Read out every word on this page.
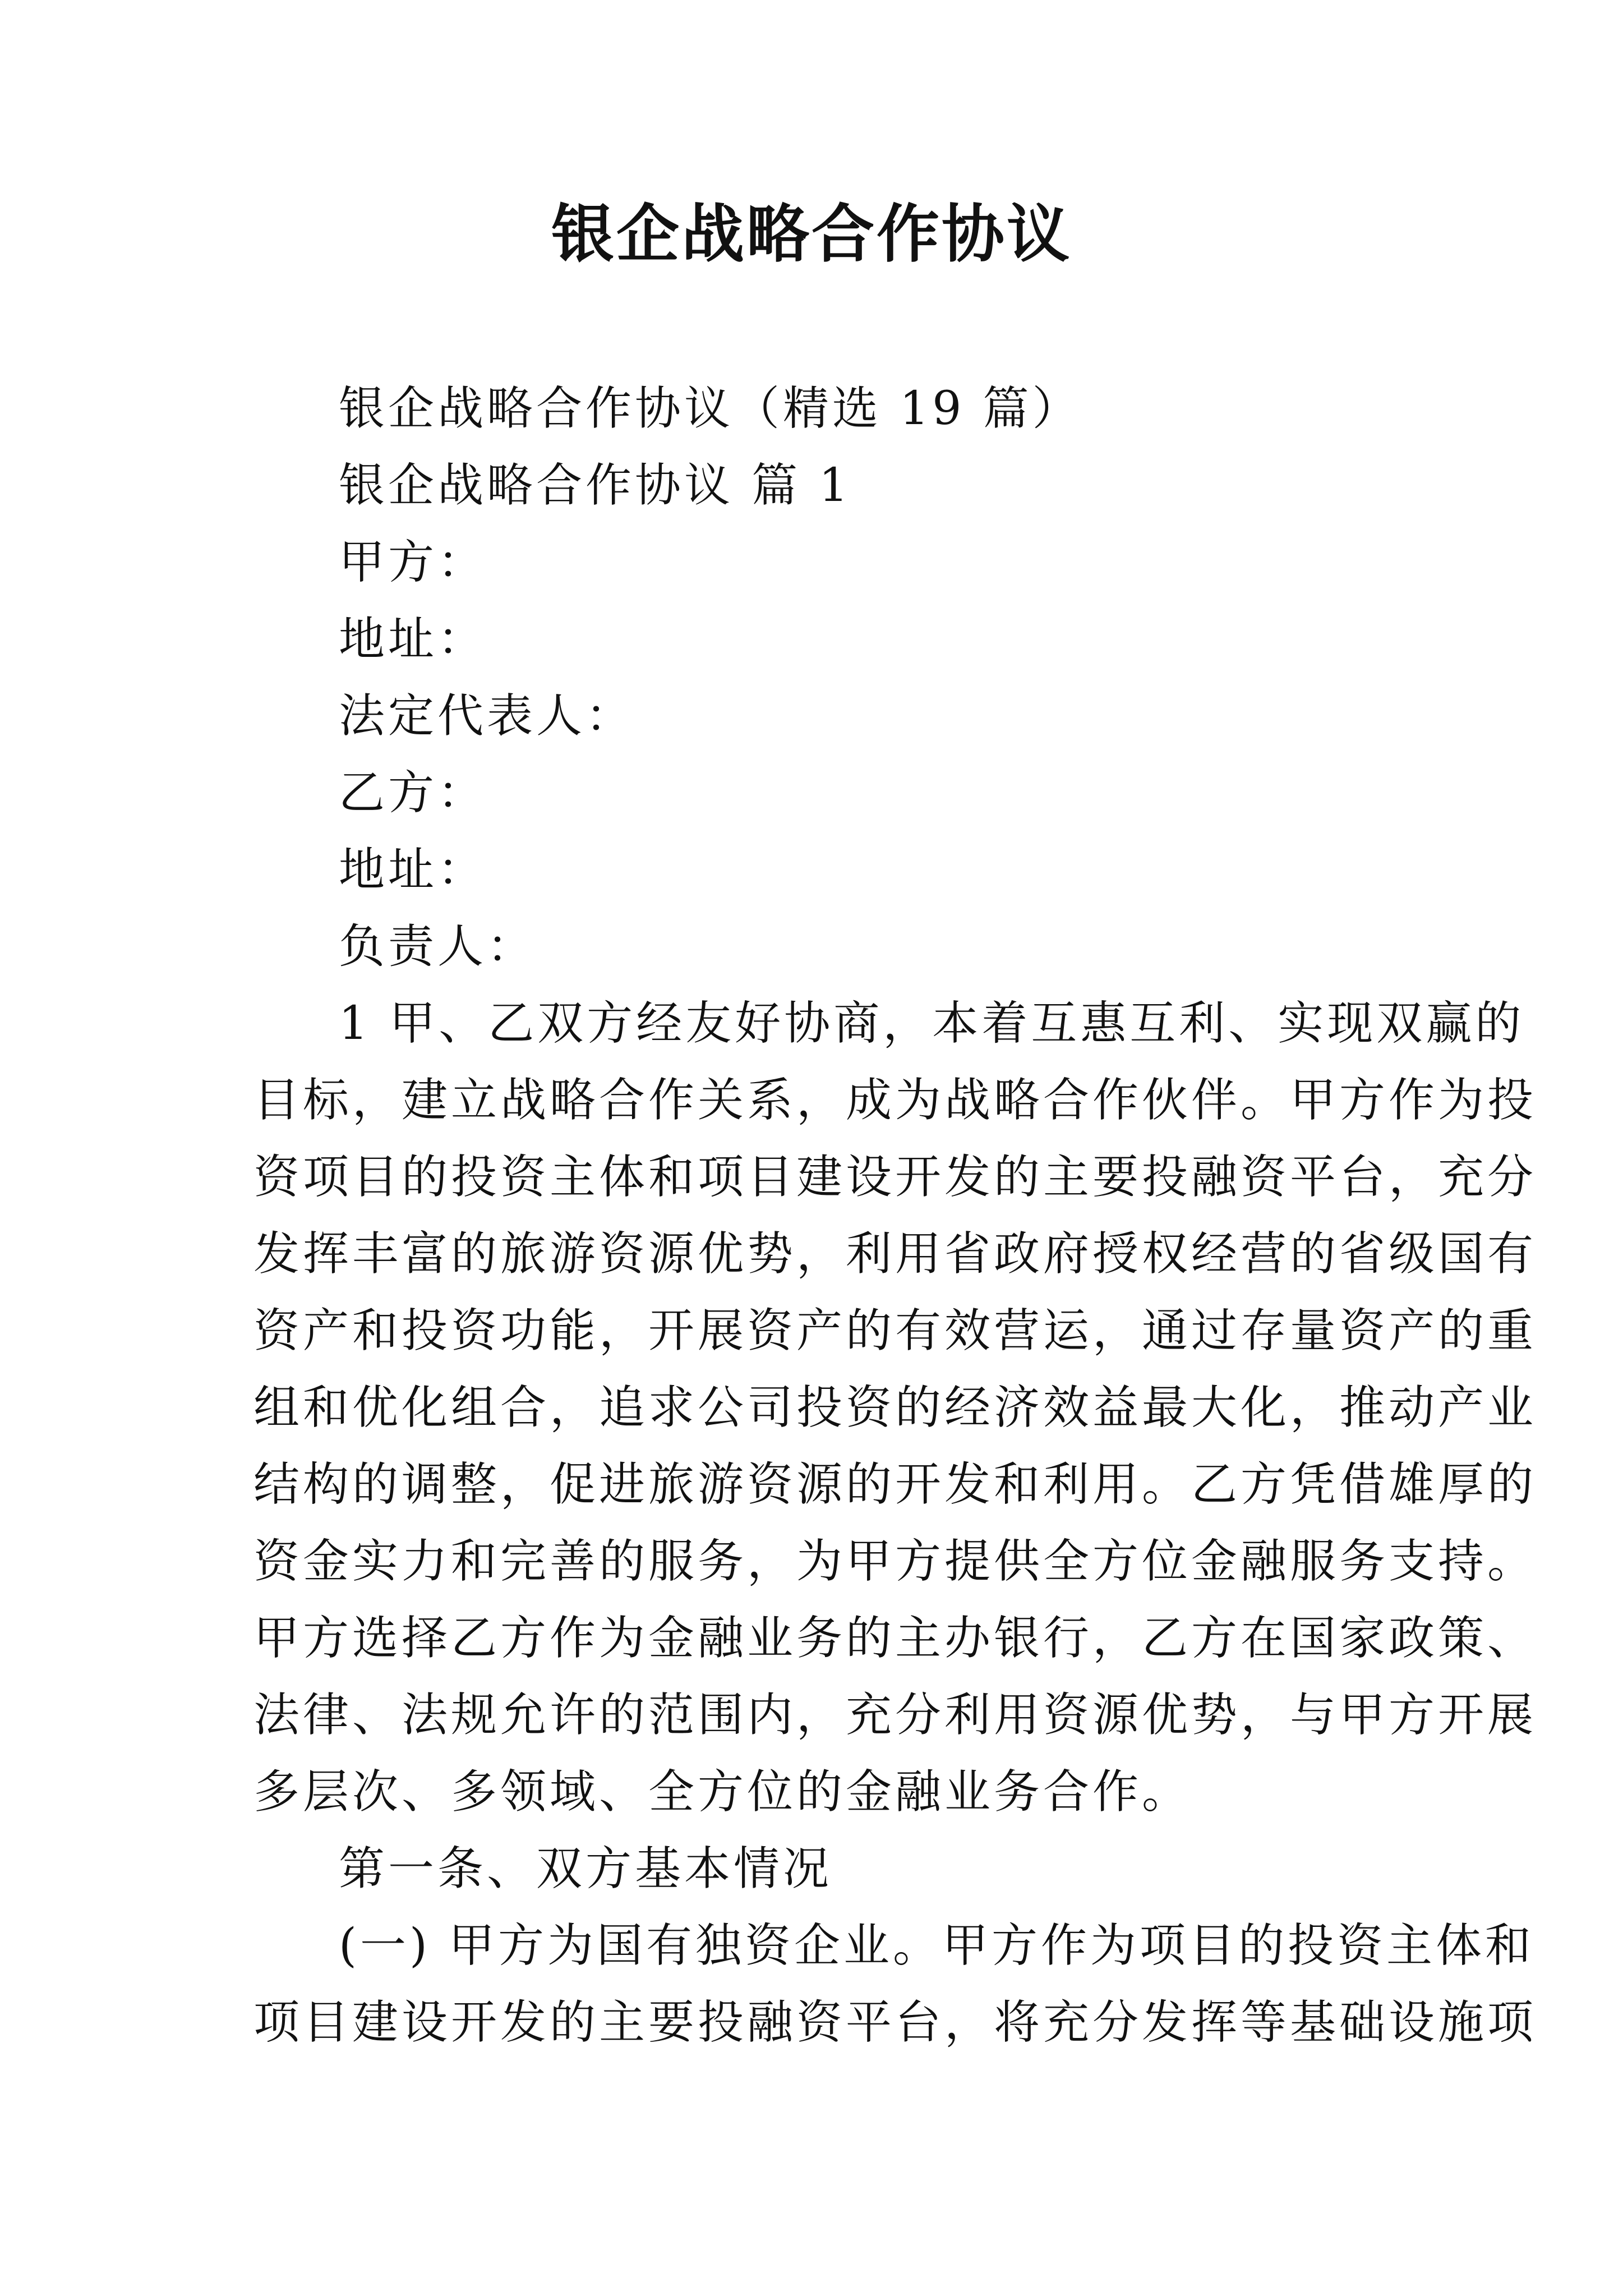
银企战略合作协议
银企战略合作协议（精选 19 篇）
银企战略合作协议 篇 1
甲方：
地址：
法定代表人：
乙方：
地址：
负责人：
1 甲、乙双方经友好协商，本着互惠互利、实现双赢的
目标，建立战略合作关系，成为战略合作伙伴。甲方作为投
资项目的投资主体和项目建设开发的主要投融资平台，充分
发挥丰富的旅游资源优势，利用省政府授权经营的省级国有
资产和投资功能，开展资产的有效营运，通过存量资产的重
组和优化组合，追求公司投资的经济效益最大化，推动产业
结构的调整，促进旅游资源的开发和利用。乙方凭借雄厚的
资金实力和完善的服务，为甲方提供全方位金融服务支持。
甲方选择乙方作为金融业务的主办银行，乙方在国家政策、
法律、法规允许的范围内，充分利用资源优势，与甲方开展
多层次、多领域、全方位的金融业务合作。
第一条、双方基本情况
(一) 甲方为国有独资企业。甲方作为项目的投资主体和
项目建设开发的主要投融资平台，将充分发挥等基础设施项
